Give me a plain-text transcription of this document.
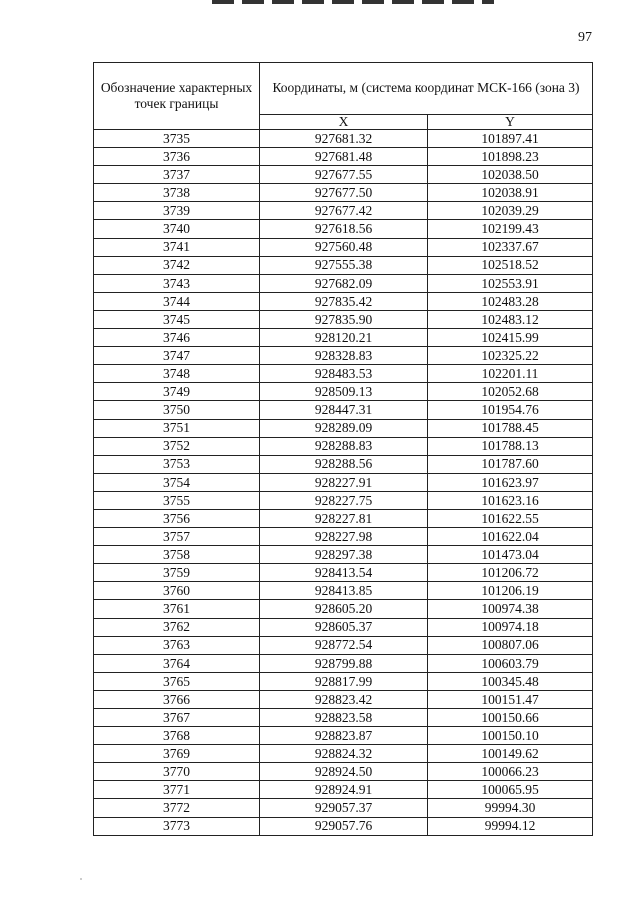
97
Обозначение характерных точек границы	Координаты, м (система координат МСК-166 (зона 3)	
	X	Y
3735	927681.32	101897.41
3736	927681.48	101898.23
3737	927677.55	102038.50
3738	927677.50	102038.91
3739	927677.42	102039.29
3740	927618.56	102199.43
3741	927560.48	102337.67
3742	927555.38	102518.52
3743	927682.09	102553.91
3744	927835.42	102483.28
3745	927835.90	102483.12
3746	928120.21	102415.99
3747	928328.83	102325.22
3748	928483.53	102201.11
3749	928509.13	102052.68
3750	928447.31	101954.76
3751	928289.09	101788.45
3752	928288.83	101788.13
3753	928288.56	101787.60
3754	928227.91	101623.97
3755	928227.75	101623.16
3756	928227.81	101622.55
3757	928227.98	101622.04
3758	928297.38	101473.04
3759	928413.54	101206.72
3760	928413.85	101206.19
3761	928605.20	100974.38
3762	928605.37	100974.18
3763	928772.54	100807.06
3764	928799.88	100603.79
3765	928817.99	100345.48
3766	928823.42	100151.47
3767	928823.58	100150.66
3768	928823.87	100150.10
3769	928824.32	100149.62
3770	928924.50	100066.23
3771	928924.91	100065.95
3772	929057.37	99994.30
3773	929057.76	99994.12
